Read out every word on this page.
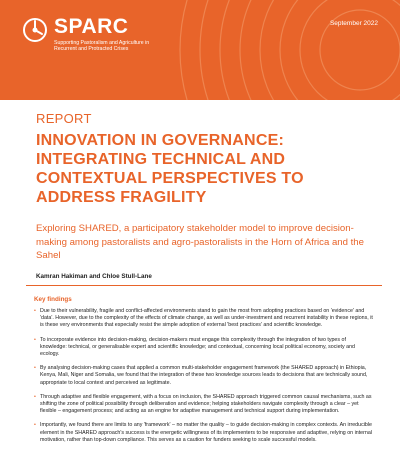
SPARC
Supporting Pastoralism and Agriculture in Recurrent and Protracted Crises
September 2022
REPORT
INNOVATION IN GOVERNANCE: INTEGRATING TECHNICAL AND CONTEXTUAL PERSPECTIVES TO ADDRESS FRAGILITY

Exploring SHARED, a participatory stakeholder model to improve decision-making among pastoralists and agro-pastoralists in the Horn of Africa and the Sahel

Kamran Hakiman and Chloe Stull-Lane
Key findings
• Due to their vulnerability, fragile and conflict-affected environments stand to gain the most from adopting practices based on 'evidence' and 'data'. However, due to the complexity of the effects of climate change, as well as under-investment and recurrent instability in these regions, it is these very environments that especially resist the simple adoption of external 'best practices' and scientific knowledge.
• To incorporate evidence into decision-making, decision-makers must engage this complexity through the integration of two types of knowledge: technical, or generalisable expert and scientific knowledge; and contextual, concerning local political economy, society and ecology.
• By analysing decision-making cases that applied a common multi-stakeholder engagement framework (the SHARED approach) in Ethiopia, Kenya, Mali, Niger and Somalia, we found that the integration of these two knowledge sources leads to decisions that are technically sound, appropriate to local context and perceived as legitimate.
• Through adaptive and flexible engagement, with a focus on inclusion, the SHARED approach triggered common causal mechanisms, such as shifting the zone of political possibility through deliberation and evidence; helping stakeholders navigate complexity through a clear – yet flexible – engagement process; and acting as an engine for adaptive management and technical support during implementation.
• Importantly, we found there are limits to any 'framework' – no matter the quality – to guide decision-making in complex contexts. An irreducible element in the SHARED approach's success is the energetic willingness of its implementers to be responsive and adaptive, relying on internal motivation, rather than top-down compliance. This serves as a caution for funders seeking to scale successful models.
